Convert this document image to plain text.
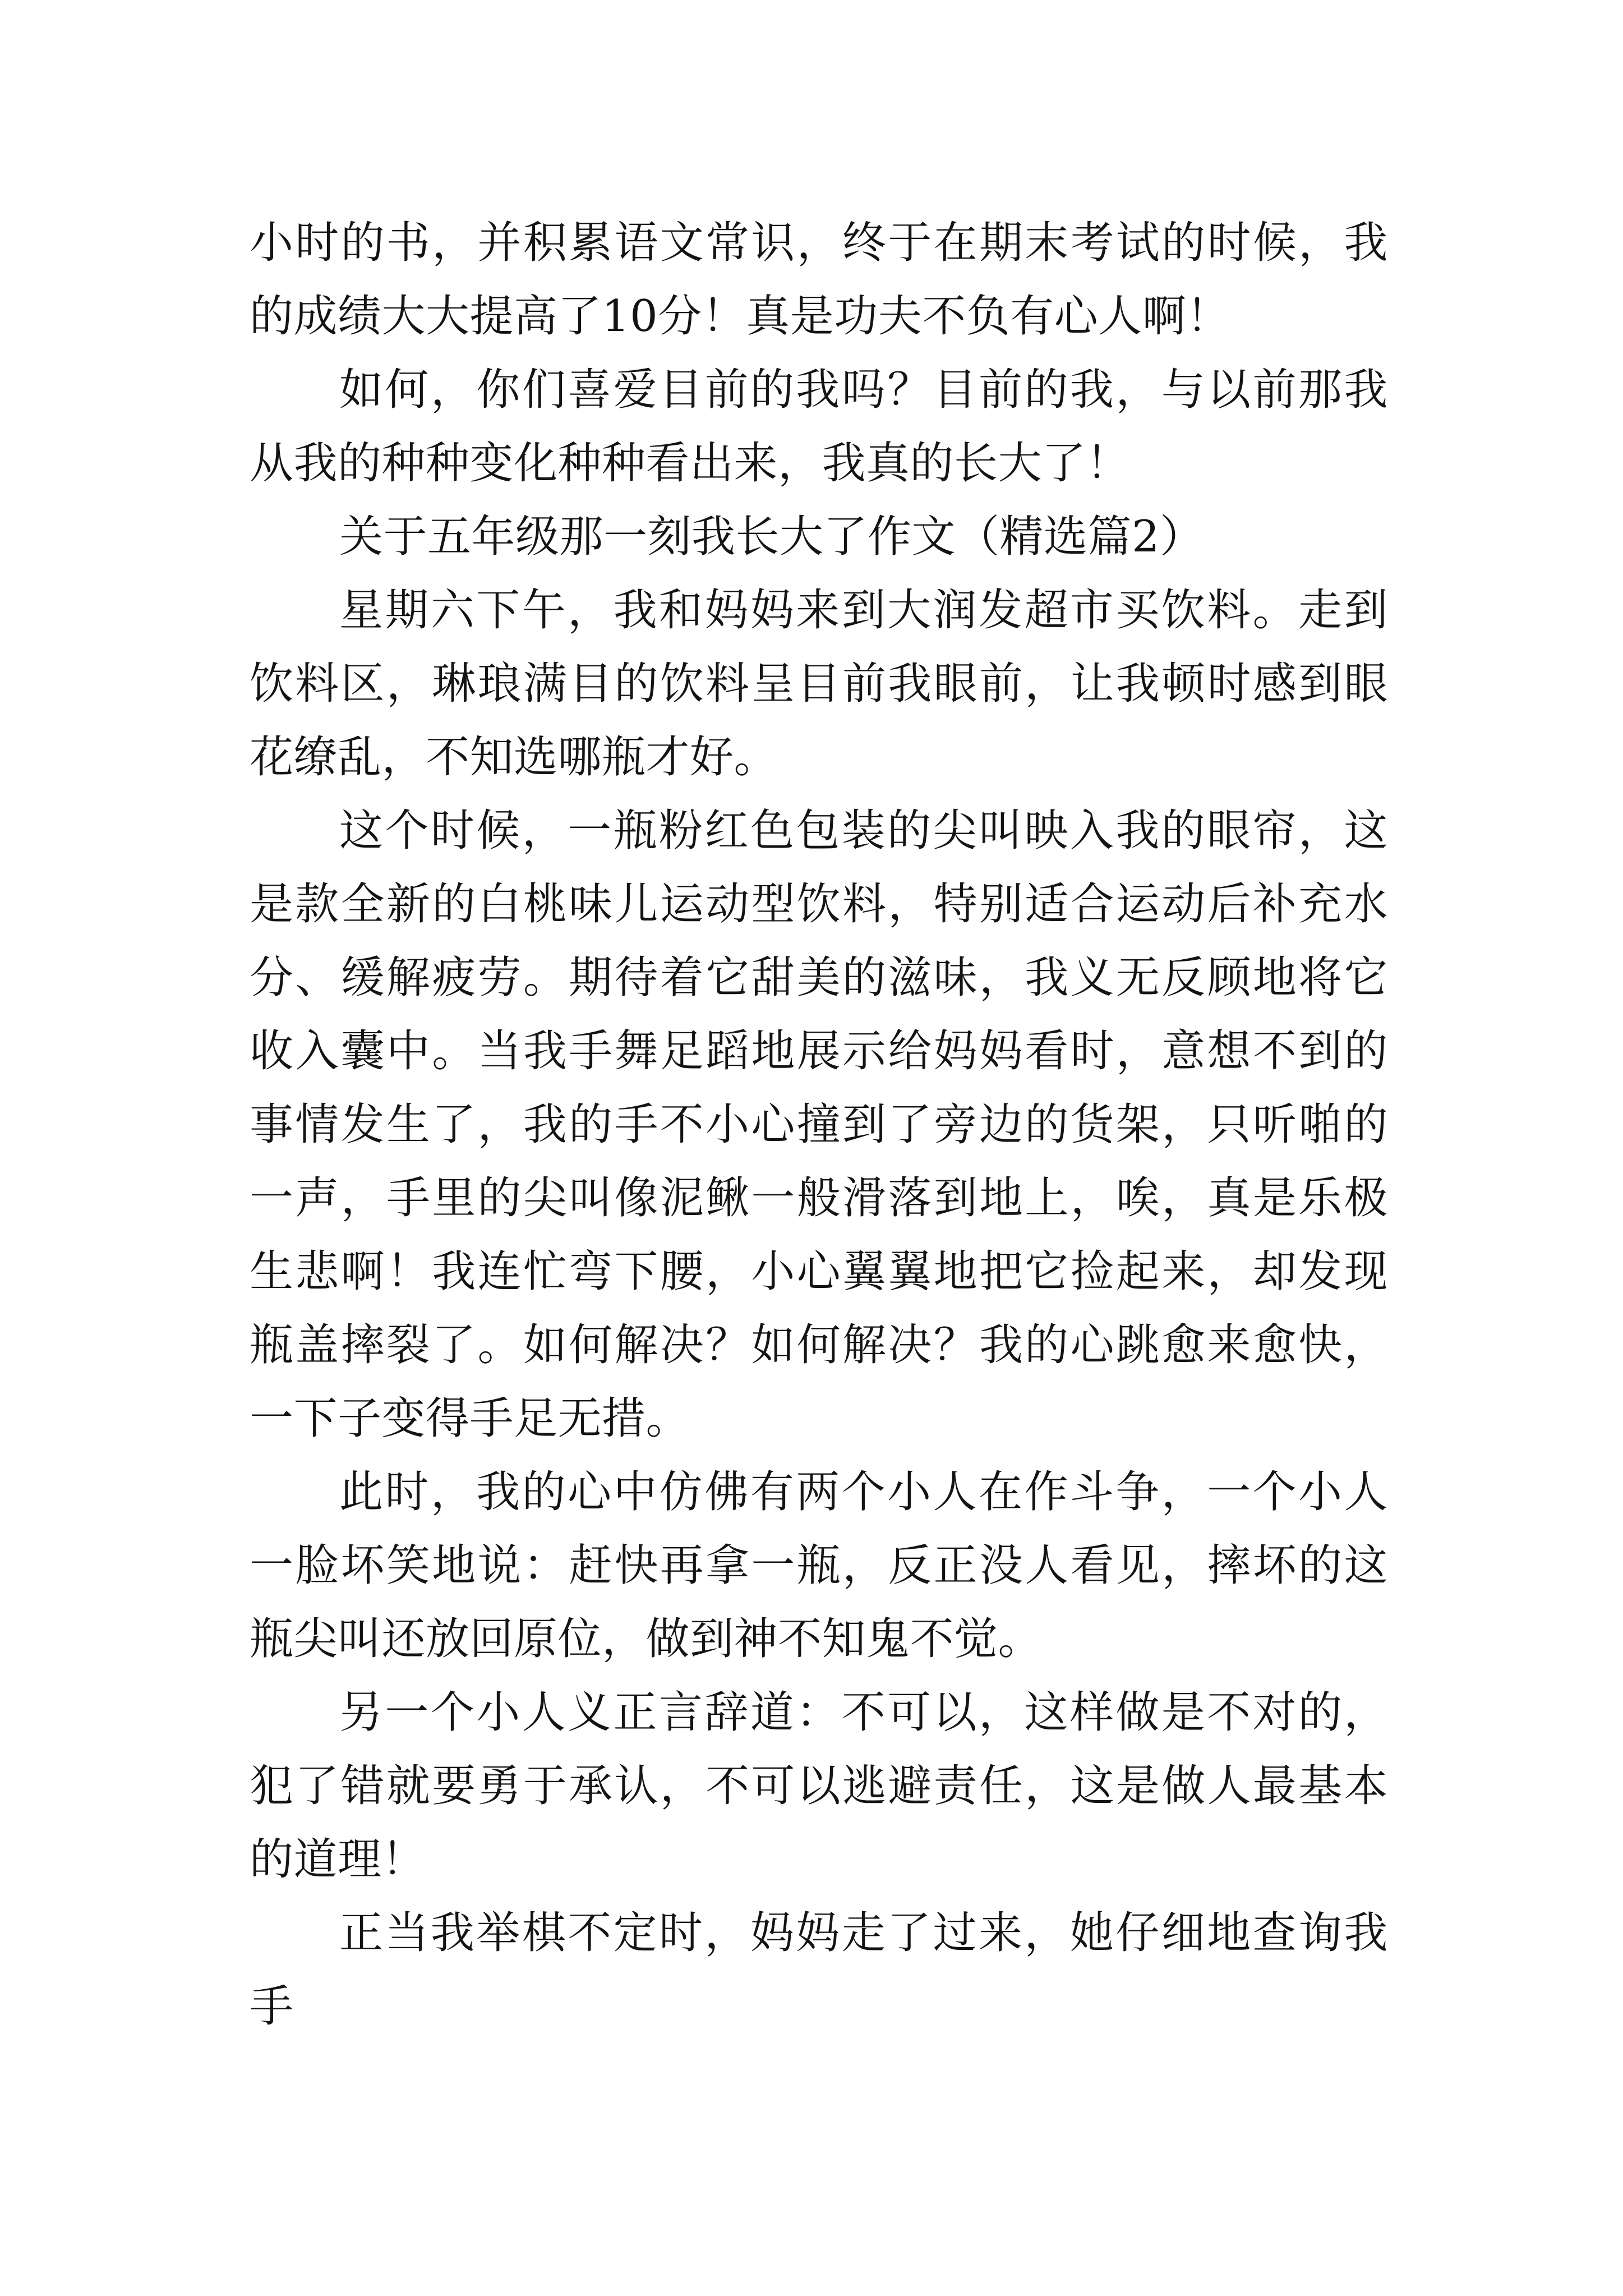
小时的书，并积累语文常识，终于在期末考试的时候，我的成绩大大提高了10分！真是功夫不负有心人啊！

如何，你们喜爱目前的我吗？目前的我，与以前那我从我的种种变化种种看出来，我真的长大了！

关于五年级那一刻我长大了作文（精选篇2）

星期六下午，我和妈妈来到大润发超市买饮料。走到饮料区，琳琅满目的饮料呈目前我眼前，让我顿时感到眼花缭乱，不知选哪瓶才好。

这个时候，一瓶粉红色包装的尖叫映入我的眼帘，这是款全新的白桃味儿运动型饮料，特别适合运动后补充水分、缓解疲劳。期待着它甜美的滋味，我义无反顾地将它收入囊中。当我手舞足蹈地展示给妈妈看时，意想不到的事情发生了，我的手不小心撞到了旁边的货架，只听啪的一声，手里的尖叫像泥鳅一般滑落到地上，唉，真是乐极生悲啊！我连忙弯下腰，小心翼翼地把它捡起来，却发现瓶盖摔裂了。如何解决？如何解决？我的心跳愈来愈快，一下子变得手足无措。

此时，我的心中仿佛有两个小人在作斗争，一个小人一脸坏笑地说：赶快再拿一瓶，反正没人看见，摔坏的这瓶尖叫还放回原位，做到神不知鬼不觉。

另一个小人义正言辞道：不可以，这样做是不对的，犯了错就要勇于承认，不可以逃避责任，这是做人最基本的道理！

正当我举棋不定时，妈妈走了过来，她仔细地查询我手
